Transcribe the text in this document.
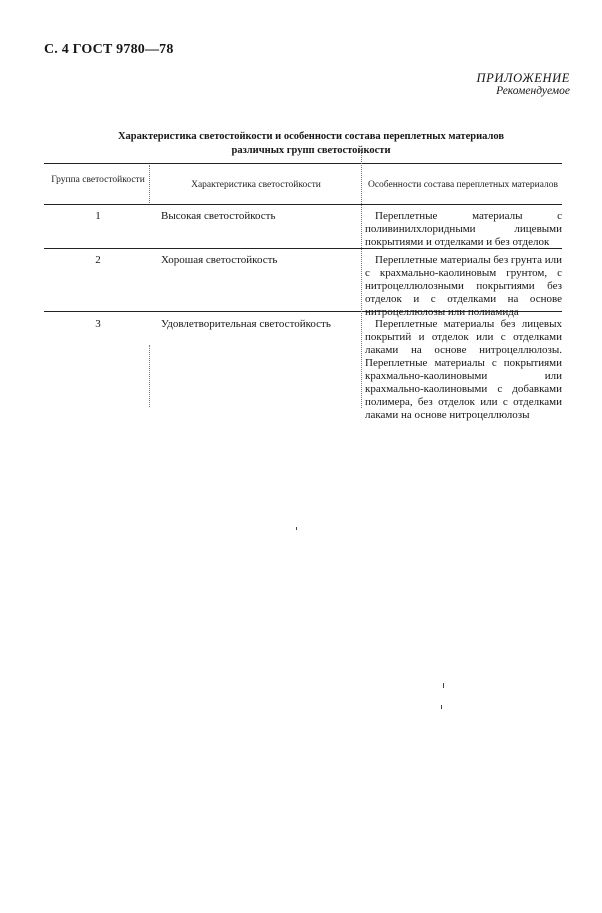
С. 4 ГОСТ 9780—78
ПРИЛОЖЕНИЕ
Рекомендуемое
Характеристика светостойкости и особенности состава переплетных материалов
различных групп светостойкости
Группа светостойкости	Характеристика светостойкости	Особенности состава переплетных материалов
1	Высокая светостойкость	Переплетные материалы с поливинилхлоридными лицевыми покрытиями и отделками и без отделок
2	Хорошая светостойкость	Переплетные материалы без грунта или с крахмально-каолиновым грунтом, с нитроцеллюлозными покрытиями без отделок и с отделками на основе нитроцеллюлозы или полиамида
3	Удовлетворительная светостойкость	Переплетные материалы без лицевых покрытий и отделок или с отделками лаками на основе нитроцеллюлозы. Переплетные материалы с покрытиями крахмально-каолиновыми или крахмально-каолиновыми с добавками полимера, без отделок или с отделками лаками на основе нитроцеллюлозы
